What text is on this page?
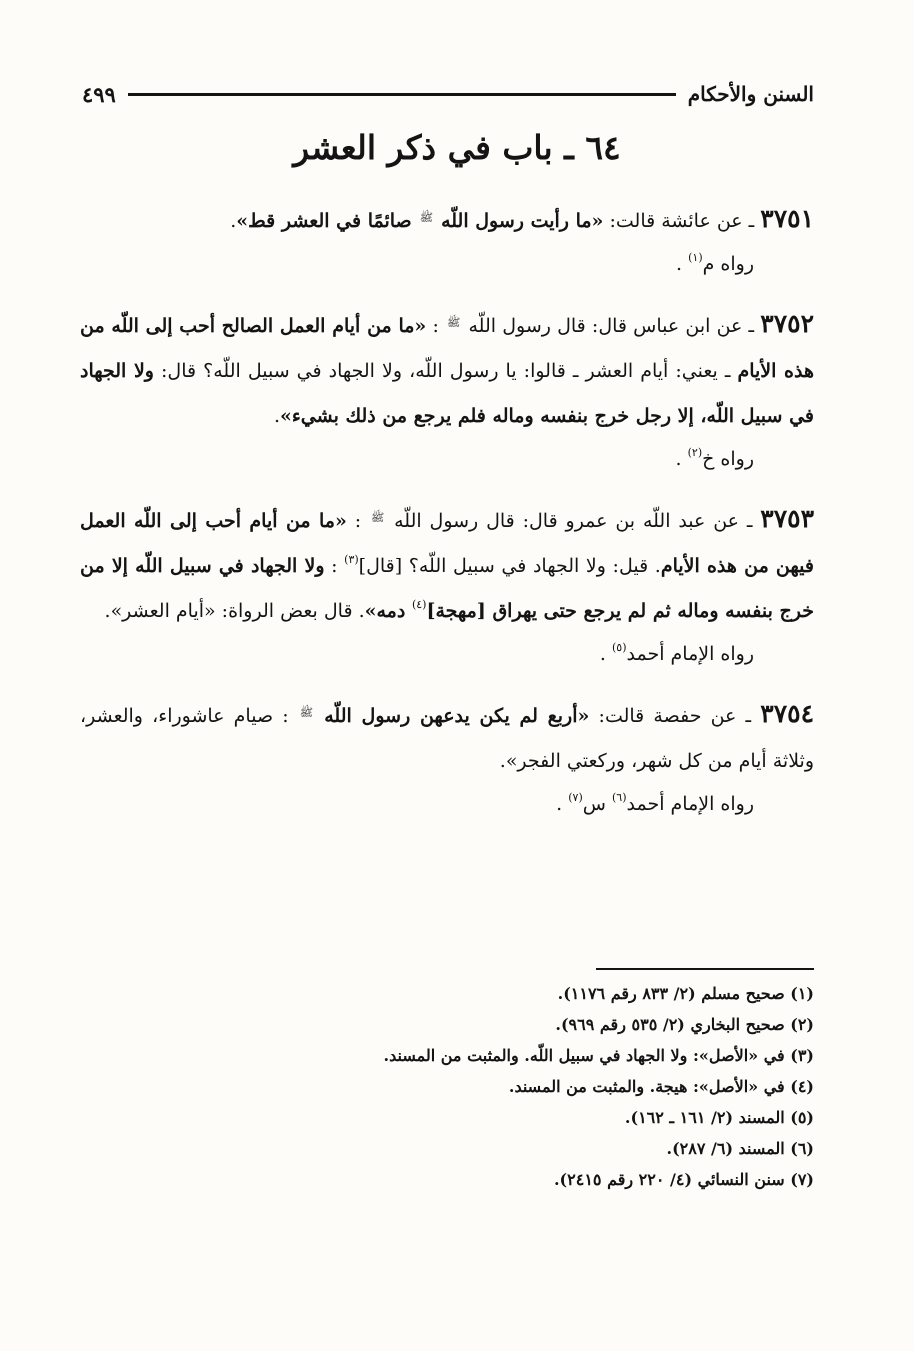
السنن والأحكام
٤٩٩
٦٤ ـ باب في ذكر العشر

٣٧٥١ ـ عن عائشة قالت: «ما رأيت رسول اللّه ﷺ صائمًا في العشر قط».

رواه م$^{(١)}$ .

٣٧٥٢ ـ عن ابن عباس قال: قال رسول اللّه ﷺ : «ما من أيام العمل الصالح أحب إلى اللّه من هذه الأيام ـ يعني: أيام العشر ـ قالوا: يا رسول اللّه، ولا الجهاد في سبيل اللّه؟ قال: ولا الجهاد في سبيل اللّه، إلا رجل خرج بنفسه وماله فلم يرجع من ذلك بشيء».

رواه خ$^{(٢)}$ .

٣٧٥٣ ـ عن عبد اللّه بن عمرو قال: قال رسول اللّه ﷺ : «ما من أيام أحب إلى اللّه العمل فيهن من هذه الأيام. قيل: ولا الجهاد في سبيل اللّه؟ [قال]$^{(٣)}$ : ولا الجهاد في سبيل اللّه إلا من خرج بنفسه وماله ثم لم يرجع حتى يهراق [مهجة]$^{(٤)}$ دمه». قال بعض الرواة: «أيام العشر».

رواه الإمام أحمد$^{(٥)}$ .

٣٧٥٤ ـ عن حفصة قالت: «أربع لم يكن يدعهن رسول اللّه ﷺ : صيام عاشوراء، والعشر، وثلاثة أيام من كل شهر، وركعتي الفجر».

رواه الإمام أحمد$^{(٦)}$ س$^{(٧)}$ .

(١) صحيح مسلم (٢/ ٨٣٣ رقم ١١٧٦).

(٢) صحيح البخاري (٢/ ٥٣٥ رقم ٩٦٩).

(٣) في «الأصل»: ولا الجهاد في سبيل اللّه. والمثبت من المسند.

(٤) في «الأصل»: هيجة. والمثبت من المسند.

(٥) المسند (٢/ ١٦١ ـ ١٦٢).

(٦) المسند (٦/ ٢٨٧).

(٧) سنن النسائي (٤/ ٢٢٠ رقم ٢٤١٥).
